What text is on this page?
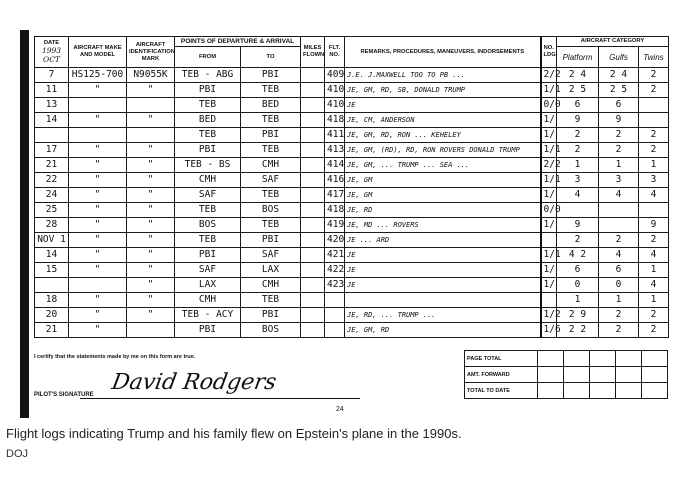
DATE
1993
OCT	AIRCRAFT MAKE AND MODEL	AIRCRAFT IDENTIFICATION MARK	POINTS OF DEPARTURE & ARRIVAL		MILES FLOWN	FLT. NO.	REMARKS, PROCEDURES, MANEUVERS, INDORSEMENTS	NO. LDG.	AIRCRAFT CATEGORY		
			FROM	TO					Platform	Gulfs	Twins

7	HS125-700	N9055K	TEB - ABG	PBI		409	J.E. J.MAXWELL TOO TO PB ...	2/2	2 4	2 4	2
11	"	"	PBI	TEB		410	JE, GM, RD, SB, DONALD TRUMP	1/1	2 5	2 5	2
13			TEB	BED		410	JE	0/0	6	6	
14	"	"	BED	TEB		418	JE, CM, ANDERSON	1/	9	9	
			TEB	PBI		411	JE, GM, RD, RON ... KEHELEY	1/	2	2	2
17	"	"	PBI	TEB		413	JE, GM, (RD), RD, RON ROVERS DONALD TRUMP	1/1	2	2	2
21	"	"	TEB - BS	CMH		414	JE, GM, ... TRUMP ... SEA ...	2/2	1	1	1
22	"	"	CMH	SAF		416	JE, GM	1/1	3	3	3
24	"	"	SAF	TEB		417	JE, GM	1/	4	4	4
25	"	"	TEB	BOS		418	JE, RD	0/0			
28	"	"	BOS	TEB		419	JE, MD ... ROVERS	1/	9		9
NOV 1	"	"	TEB	PBI		420	JE ... ARD		2	2	2
14	"	"	PBI	SAF		421	JE	1/1	4 2	4	4
15	"	"	SAF	LAX		422	JE	1/	6	6	1
		"	LAX	CMH		423	JE	1/	0	0	4
18	"	"	CMH	TEB					1	1	1
20	"	"	TEB - ACY	PBI			JE, RD, ... TRUMP ...	1/2	2 9	2	2
21	"		PBI	BOS			JE, GM, RD	1/6	2 2	2	2
I certify that the statements made by me on this form are true.
David Rodgers
PILOT'S SIGNATURE
PAGE TOTAL					
AMT. FORWARD					
TOTAL TO DATE					
24
Flight logs indicating Trump and his family flew on Epstein's plane in the 1990s.
DOJ
